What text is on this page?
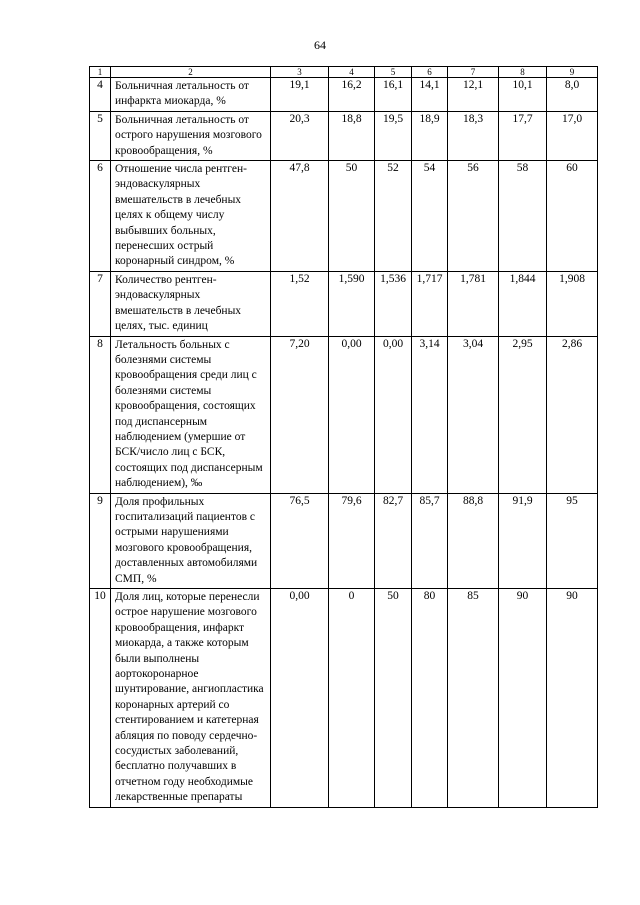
64
1	2	3	4	5	6	7	8	9
4	Больничная летальность от инфаркта миокарда, %	19,1	16,2	16,1	14,1	12,1	10,1	8,0
5	Больничная летальность от острого нарушения мозгового кровообращения, %	20,3	18,8	19,5	18,9	18,3	17,7	17,0
6	Отношение числа рентген-эндоваскулярных вмешательств в лечебных целях к общему числу выбывших больных, перенесших острый коронарный синдром, %	47,8	50	52	54	56	58	60
7	Количество рентген-эндоваскулярных вмешательств в лечебных целях, тыс. единиц	1,52	1,590	1,536	1,717	1,781	1,844	1,908
8	Летальность больных с болезнями системы кровообращения среди лиц с болезнями системы кровообращения, состоящих под диспансерным наблюдением (умершие от БСК/число лиц с БСК, состоящих под диспансерным наблюдением), ‰	7,20	0,00	0,00	3,14	3,04	2,95	2,86
9	Доля профильных госпитализаций пациентов с острыми нарушениями мозгового кровообращения, доставленных автомобилями СМП, %	76,5	79,6	82,7	85,7	88,8	91,9	95
10	Доля лиц, которые перенесли острое нарушение мозгового кровообращения, инфаркт миокарда, а также которым были выполнены аортокоронарное шунтирование, ангиопластика коронарных артерий со стентированием и катетерная абляция по поводу сердечно-сосудистых заболеваний, бесплатно получавших в отчетном году необходимые лекарственные препараты	0,00	0	50	80	85	90	90
